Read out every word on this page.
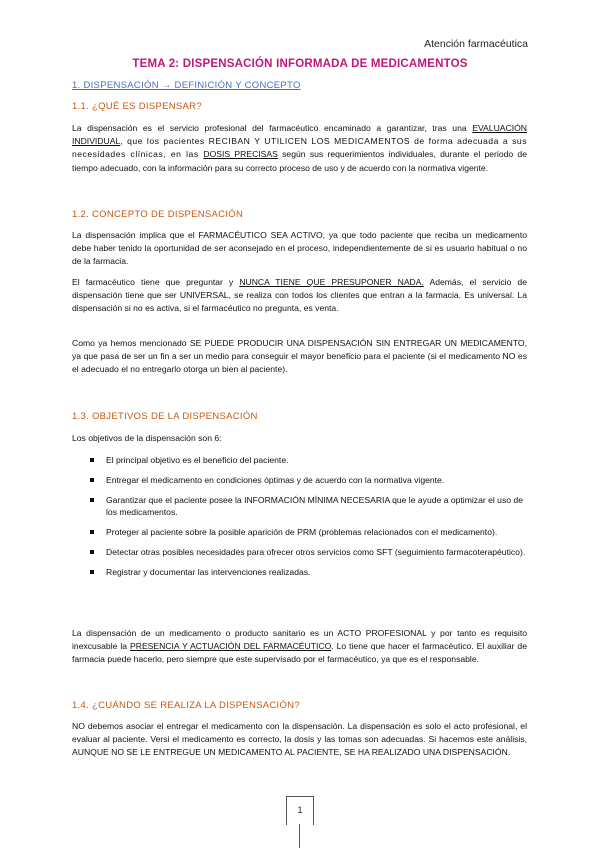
Atención farmacéutica
TEMA 2: DISPENSACIÓN INFORMADA DE MEDICAMENTOS
1. DISPENSACIÓN → DEFINICIÓN Y CONCEPTO
1.1. ¿QUÉ ES DISPENSAR?
La dispensación es el servicio profesional del farmacéutico encaminado a garantizar, tras una EVALUACIÓN INDIVIDUAL, que los pacientes RECIBAN Y UTILICEN LOS MEDICAMENTOS de forma adecuada a sus necesidades clínicas, en las DOSIS PRECISAS según sus requerimientos individuales, durante el periodo de tiempo adecuado, con la información para su correcto proceso de uso y de acuerdo con la normativa vigente.
1.2. CONCEPTO DE DISPENSACIÓN
La dispensación implica que el FARMACÉUTICO SEA ACTIVO, ya que todo paciente que reciba un medicamento debe haber tenido la oportunidad de ser aconsejado en el proceso, independientemente de si es usuario habitual o no de la farmacia.
El farmacéutico tiene que preguntar y NUNCA TIENE QUE PRESUPONER NADA. Además, el servicio de dispensación tiene que ser UNIVERSAL, se realiza con todos los clientes que entran a la farmacia. Es universal. La dispensación si no es activa, si el farmacéutico no pregunta, es venta.
Como ya hemos mencionado SE PUEDE PRODUCIR UNA DISPENSACIÓN SIN ENTREGAR UN MEDICAMENTO, ya que pasa de ser un fin a ser un medio para conseguir el mayor beneficio para el paciente (si el medicamento NO es el adecuado el no entregarlo otorga un bien al paciente).
1.3. OBJETIVOS DE LA DISPENSACIÓN
Los objetivos de la dispensación son 6:
El principal objetivo es el beneficio del paciente.
Entregar el medicamento en condiciones óptimas y de acuerdo con la normativa vigente.
Garantizar que el paciente posee la INFORMACIÓN MÍNIMA NECESARIA que le ayude a optimizar el uso de los medicamentos.
Proteger al paciente sobre la posible aparición de PRM (problemas relacionados con el medicamento).
Detectar otras posibles necesidades para ofrecer otros servicios como SFT (seguimiento farmacoterapéutico).
Registrar y documentar las intervenciones realizadas.
La dispensación de un medicamento o producto sanitario es un ACTO PROFESIONAL y por tanto es requisito inexcusable la PRESENCIA Y ACTUACIÓN DEL FARMACÉUTICO. Lo tiene que hacer el farmacéutico. El auxiliar de farmacia puede hacerlo, pero siempre que este supervisado por el farmacéutico, ya que es el responsable.
1.4. ¿CUÁNDO SE REALIZA LA DISPENSACIÓN?
NO debemos asociar el entregar el medicamento con la dispensación. La dispensación es solo el acto profesional, el evaluar al paciente. Versi el medicamento es correcto, la dosis y las tomas son adecuadas. Si hacemos este análisis, AUNQUE NO SE LE ENTREGUE UN MEDICAMENTO AL PACIENTE, SE HA REALIZADO UNA DISPENSACIÓN.
1
